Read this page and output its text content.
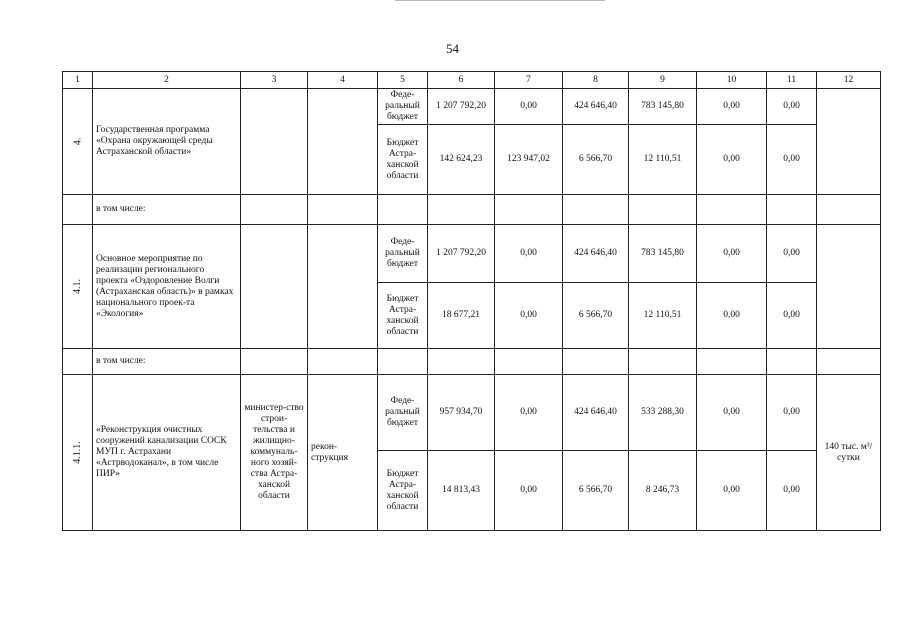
54
1	2	3	4	5	6	7	8	9	10	11	12
4.	Государственная программа «Охрана окружающей среды Астраханской области»			Феде-ральный бюджет	1 207 792,20	0,00	424 646,40	783 145,80	0,00	0,00	
				Бюджет Астра-ханской области	142 624,23	123 947,02	6 566,70	12 110,51	0,00	0,00	
	в том числе:										
4.1.	Основное мероприятие по реализации регионального проекта «Оздоровление Волги (Астраханская область)» в рамках национального проек-та «Экология»			Феде-ральный бюджет	1 207 792,20	0,00	424 646,40	783 145,80	0,00	0,00	
				Бюджет Астра-ханской области	18 677,21	0,00	6 566,70	12 110,51	0,00	0,00	
	в том числе:										
4.1.1.	«Реконструкция очистных сооружений канализации СОСК МУП г. Астрахани «Астрводоканал», в том числе ПИР»	министер-ство строи-тельства и жилищно-коммуналь-ного хозяй-ства Астра-ханской области	рекон-струкция	Феде-ральный бюджет	957 934,70	0,00	424 646,40	533 288,30	0,00	0,00	140 тыс. м³/сутки
				Бюджет Астра-ханской области	14 813,43	0,00	6 566,70	8 246,73	0,00	0,00	
